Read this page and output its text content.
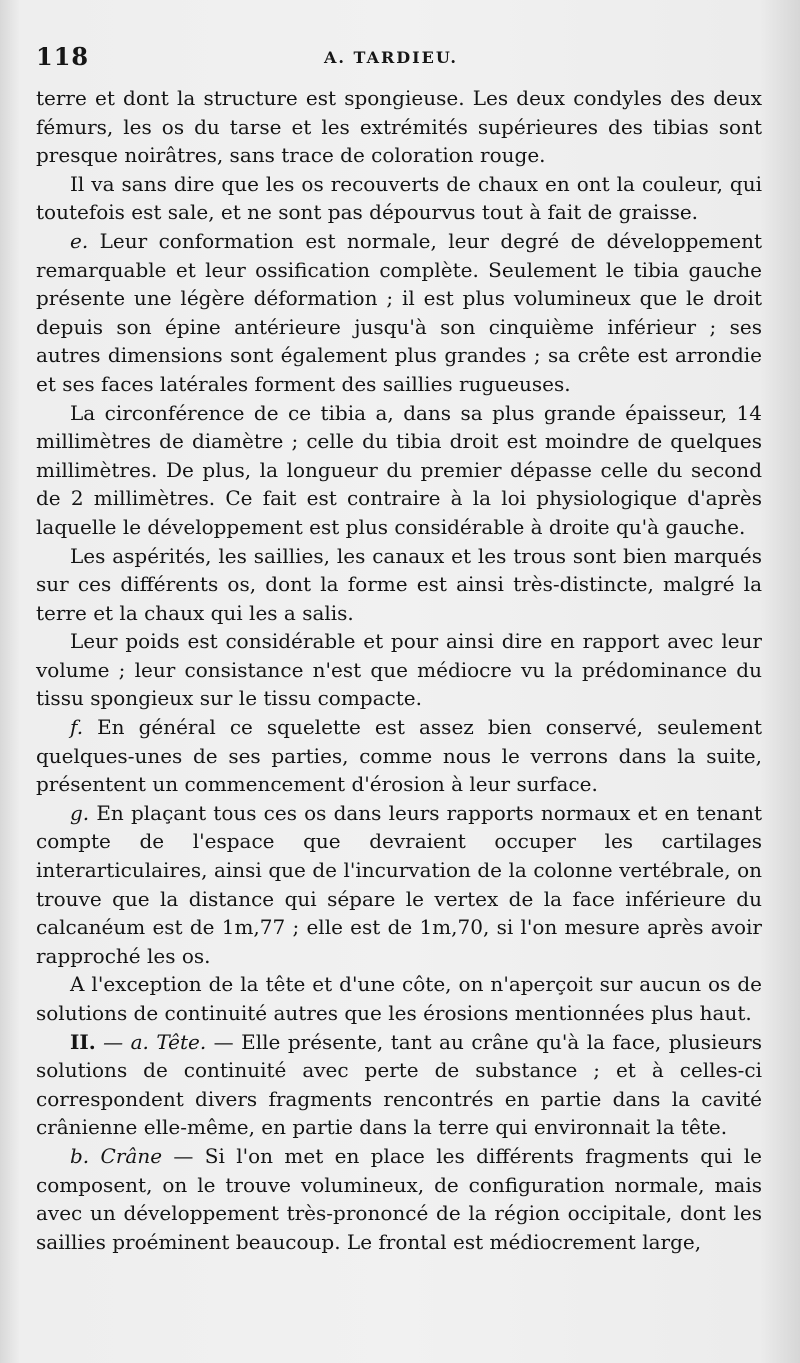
118	A. TARDIEU.

terre et dont la structure est spongieuse. Les deux condyles des deux fémurs, les os du tarse et les extrémités supérieures des tibias sont presque noirâtres, sans trace de coloration rouge.

Il va sans dire que les os recouverts de chaux en ont la couleur, qui toutefois est sale, et ne sont pas dépourvus tout à fait de graisse.

e. Leur conformation est normale, leur degré de développement remarquable et leur ossification complète. Seulement le tibia gauche présente une légère déformation ; il est plus volumineux que le droit depuis son épine antérieure jusqu'à son cinquième inférieur ; ses autres dimensions sont également plus grandes ; sa crête est arrondie et ses faces latérales forment des saillies rugueuses.

La circonférence de ce tibia a, dans sa plus grande épaisseur, 14 millimètres de diamètre ; celle du tibia droit est moindre de quelques millimètres. De plus, la longueur du premier dépasse celle du second de 2 millimètres. Ce fait est contraire à la loi physiologique d'après laquelle le développement est plus considérable à droite qu'à gauche.

Les aspérités, les saillies, les canaux et les trous sont bien marqués sur ces différents os, dont la forme est ainsi très-distincte, malgré la terre et la chaux qui les a salis.

Leur poids est considérable et pour ainsi dire en rapport avec leur volume ; leur consistance n'est que médiocre vu la prédominance du tissu spongieux sur le tissu compacte.

f. En général ce squelette est assez bien conservé, seulement quelques-unes de ses parties, comme nous le verrons dans la suite, présentent un commencement d'érosion à leur surface.

g. En plaçant tous ces os dans leurs rapports normaux et en tenant compte de l'espace que devraient occuper les cartilages interarticulaires, ainsi que de l'incurvation de la colonne vertébrale, on trouve que la distance qui sépare le vertex de la face inférieure du calcanéum est de 1m,77 ; elle est de 1m,70, si l'on mesure après avoir rapproché les os.

A l'exception de la tête et d'une côte, on n'aperçoit sur aucun os de solutions de continuité autres que les érosions mentionnées plus haut.

II. — a. Tête. — Elle présente, tant au crâne qu'à la face, plusieurs solutions de continuité avec perte de substance ; et à celles-ci correspondent divers fragments rencontrés en partie dans la cavité crânienne elle-même, en partie dans la terre qui environnait la tête.

b. Crâne — Si l'on met en place les différents fragments qui le composent, on le trouve volumineux, de configuration normale, mais avec un développement très-prononcé de la région occipitale, dont les saillies proéminent beaucoup. Le frontal est médiocrement large,
